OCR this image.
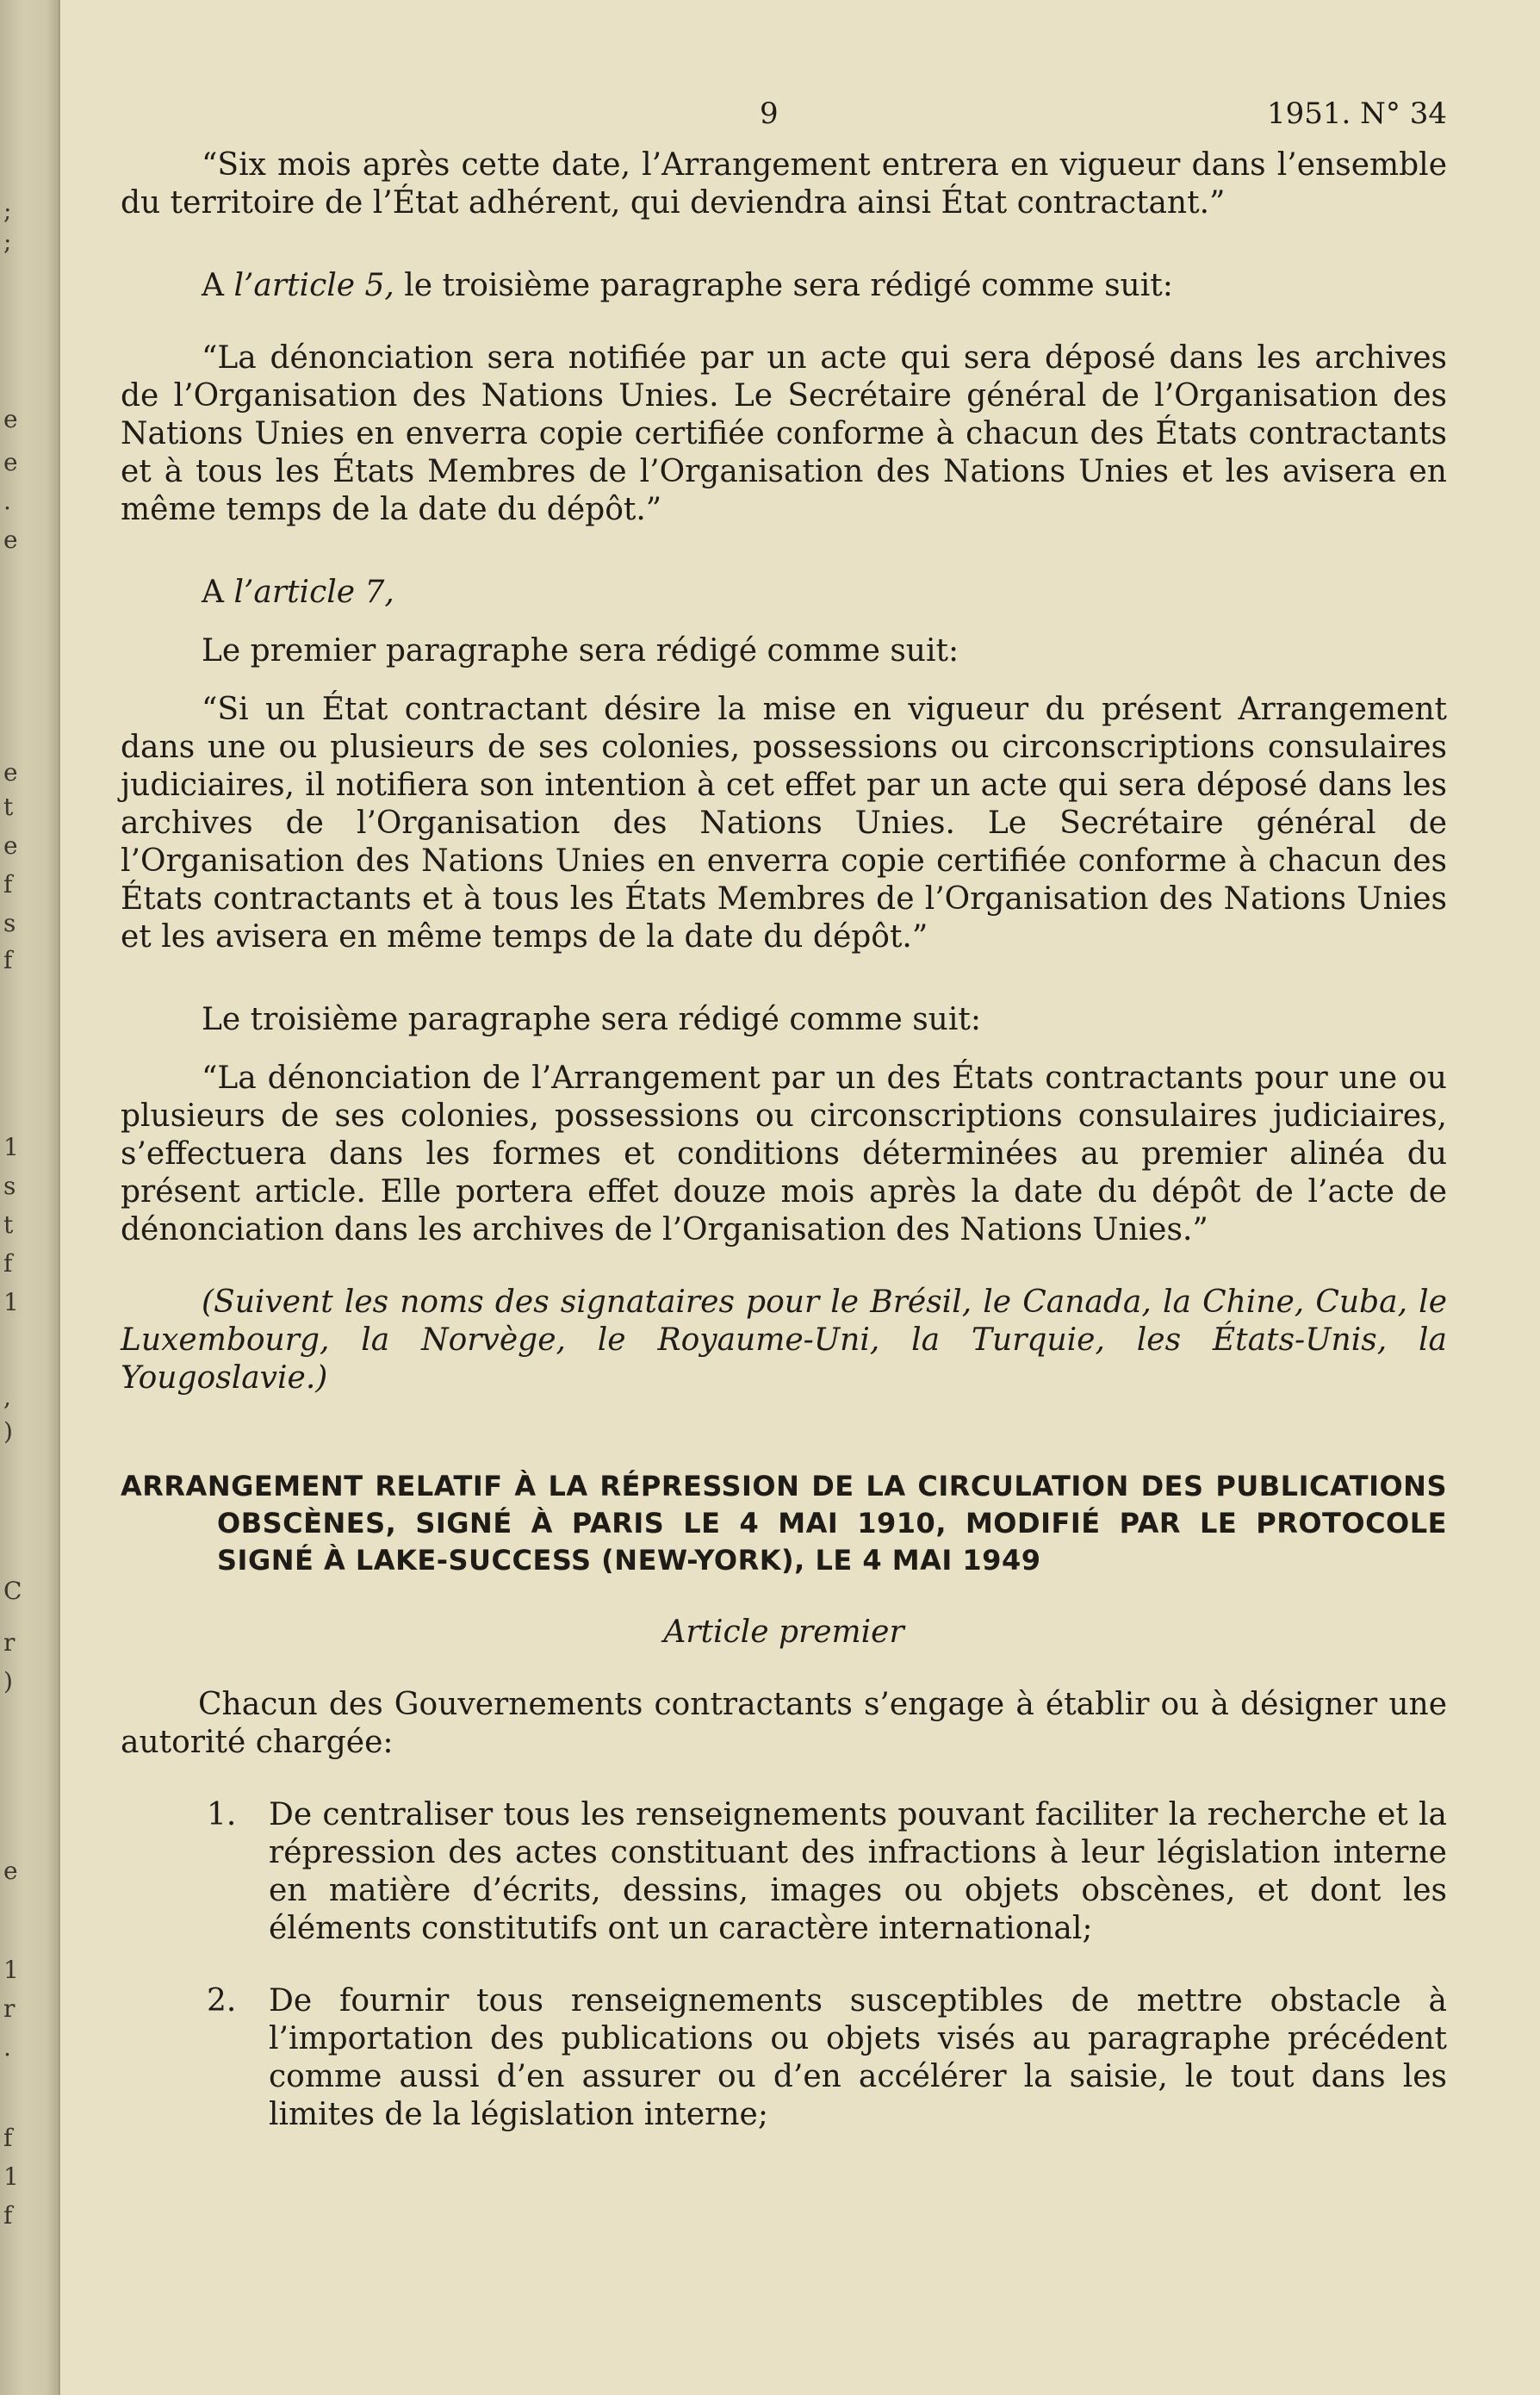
;
;
e
e
.
e
e
t
e
f
s
f
1
s
t
f
1
,
)
C
r
)
e
1
r
.
f
1
f
9	1951. N° 34

“Six mois après cette date, l’Arrangement entrera en vigueur dans l’ensemble du territoire de l’État adhérent, qui deviendra ainsi État contractant.”

A l’article 5, le troisième paragraphe sera rédigé comme suit:

“La dénonciation sera notifiée par un acte qui sera déposé dans les archives de l’Organisation des Nations Unies. Le Secrétaire général de l’Organisation des Nations Unies en enverra copie certifiée conforme à chacun des États contractants et à tous les États Membres de l’Organisation des Nations Unies et les avisera en même temps de la date du dépôt.”

A l’article 7,

Le premier paragraphe sera rédigé comme suit:

“Si un État contractant désire la mise en vigueur du présent Arrangement dans une ou plusieurs de ses colonies, possessions ou circonscriptions consulaires judiciaires, il notifiera son intention à cet effet par un acte qui sera déposé dans les archives de l’Organisation des Nations Unies. Le Secrétaire général de l’Organisation des Nations Unies en enverra copie certifiée conforme à chacun des États contractants et à tous les États Membres de l’Organisation des Nations Unies et les avisera en même temps de la date du dépôt.”

Le troisième paragraphe sera rédigé comme suit:

“La dénonciation de l’Arrangement par un des États contractants pour une ou plusieurs de ses colonies, possessions ou circonscriptions consulaires judiciaires, s’effectuera dans les formes et conditions déterminées au premier alinéa du présent article. Elle portera effet douze mois après la date du dépôt de l’acte de dénonciation dans les archives de l’Organisation des Nations Unies.”

(Suivent les noms des signataires pour le Brésil, le Canada, la Chine, Cuba, le Luxembourg, la Norvège, le Royaume-Uni, la Turquie, les États-Unis, la Yougoslavie.)

ARRANGEMENT RELATIF À LA RÉPRESSION DE LA CIRCULATION DES PUBLICATIONS OBSCÈNES, SIGNÉ À PARIS LE 4 MAI 1910, MODIFIÉ PAR LE PROTOCOLE SIGNÉ À LAKE-SUCCESS (NEW-YORK), LE 4 MAI 1949

Article premier

Chacun des Gouvernements contractants s’engage à établir ou à désigner une autorité chargée:

1. De centraliser tous les renseignements pouvant faciliter la recherche et la répression des actes constituant des infractions à leur législation interne en matière d’écrits, dessins, images ou objets obscènes, et dont les éléments constitutifs ont un caractère international;

2. De fournir tous renseignements susceptibles de mettre obstacle à l’importation des publications ou objets visés au paragraphe précédent comme aussi d’en assurer ou d’en accélérer la saisie, le tout dans les limites de la législation interne;
